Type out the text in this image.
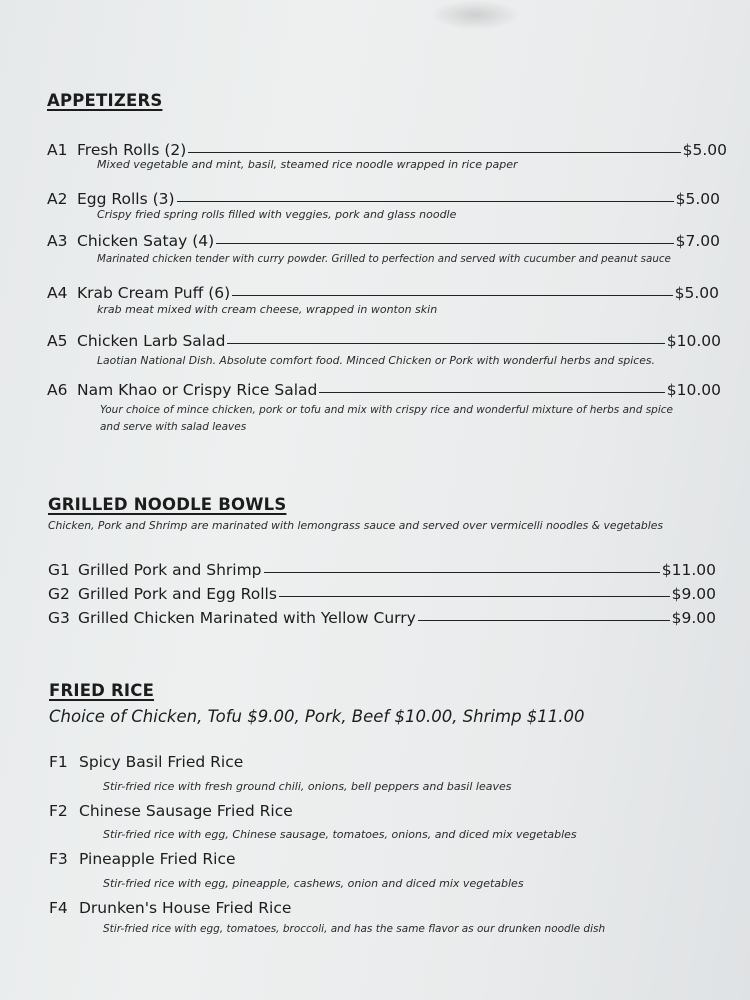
APPETIZERS
A1 Fresh Rolls (2)	$5.00
Mixed vegetable and mint, basil, steamed rice noodle wrapped in rice paper
A2 Egg Rolls (3)	$5.00
Crispy fried spring rolls filled with veggies, pork and glass noodle
A3 Chicken Satay (4)	$7.00
Marinated chicken tender with curry powder. Grilled to perfection and served with cucumber and peanut sauce
A4 Krab Cream Puff (6)	$5.00
krab meat mixed with cream cheese, wrapped in wonton skin
A5 Chicken Larb Salad	$10.00
Laotian National Dish. Absolute comfort food. Minced Chicken or Pork with wonderful herbs and spices.
A6 Nam Khao or Crispy Rice Salad	$10.00
Your choice of mince chicken, pork or tofu and mix with crispy rice and wonderful mixture of herbs and spice
and serve with salad leaves
GRILLED NOODLE BOWLS
Chicken, Pork and Shrimp are marinated with lemongrass sauce and served over vermicelli noodles & vegetables
G1 Grilled Pork and Shrimp	$11.00
G2 Grilled Pork and Egg Rolls	$9.00
G3 Grilled Chicken Marinated with Yellow Curry	$9.00
FRIED RICE
Choice of Chicken, Tofu $9.00, Pork, Beef $10.00, Shrimp $11.00
F1 Spicy Basil Fried Rice
Stir-fried rice with fresh ground chili, onions, bell peppers and basil leaves
F2 Chinese Sausage Fried Rice
Stir-fried rice with egg, Chinese sausage, tomatoes, onions, and diced mix vegetables
F3 Pineapple Fried Rice
Stir-fried rice with egg, pineapple, cashews, onion and diced mix vegetables
F4 Drunken's House Fried Rice
Stir-fried rice with egg, tomatoes, broccoli, and has the same flavor as our drunken noodle dish
